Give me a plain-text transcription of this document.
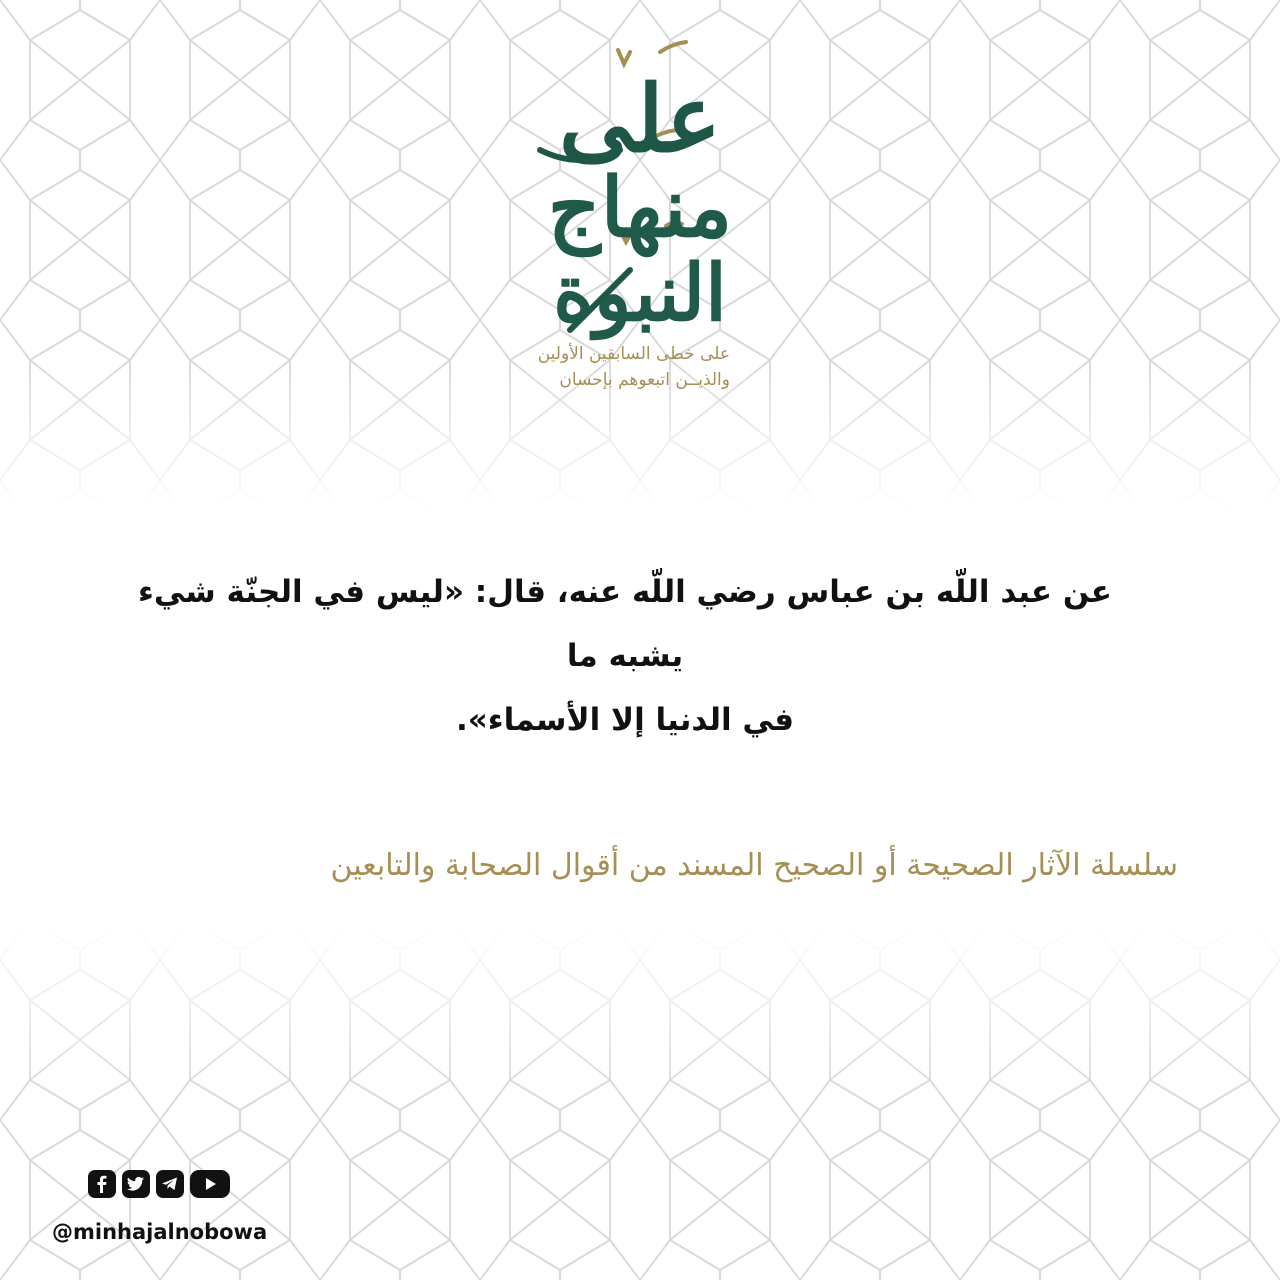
على
منهاج
النبوة
على خطى السابقين الأولين
والذيــن اتبعوهم بإحسان
عن عبد اللّه بن عباس رضي اللّه عنه، قال: «ليس في الجنّة شيء يشبه ما
في الدنيا إلا الأسماء».
سلسلة الآثار الصحيحة أو الصحيح المسند من أقوال الصحابة والتابعين
@minhajalnobowa
